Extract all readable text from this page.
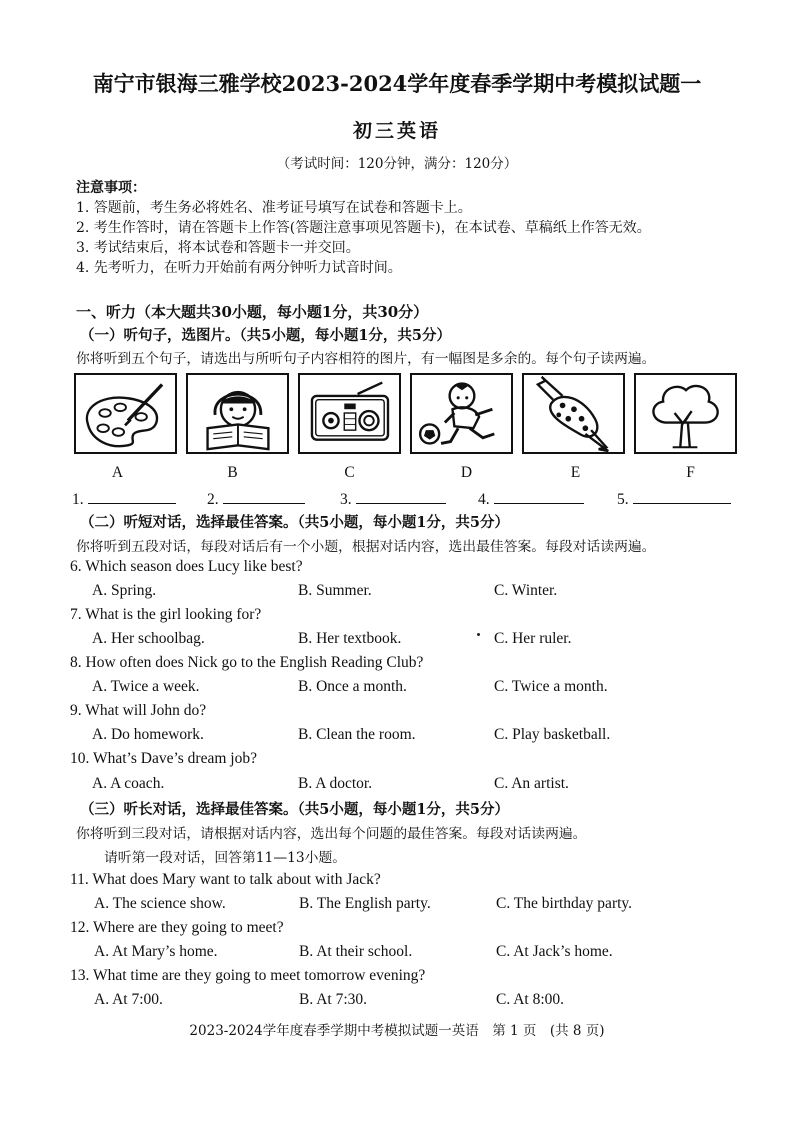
南宁市银海三雅学校2023-2024学年度春季学期中考模拟试题一
初三英语
（考试时间：120分钟，满分：120分）
注意事项：
1. 答题前，考生务必将姓名、准考证号填写在试卷和答题卡上。
2. 考生作答时，请在答题卡上作答(答题注意事项见答题卡)，在本试卷、草稿纸上作答无效。
3. 考试结束后，将本试卷和答题卡一并交回。
4. 先考听力，在听力开始前有两分钟听力试音时间。
一、听力（本大题共30小题，每小题1分，共30分）
（一）听句子，选图片。（共5小题，每小题1分，共5分）
你将听到五个句子，请选出与所听句子内容相符的图片，有一幅图是多余的。每个句子读两遍。
A	B	C	D	E	F
1.	2.	3.	4.	5.
（二）听短对话，选择最佳答案。（共5小题，每小题1分，共5分）
你将听到五段对话，每段对话后有一个小题，根据对话内容，选出最佳答案。每段对话读两遍。
6. Which season does Lucy like best?
A. Spring.	B. Summer.	C. Winter.
7. What is the girl looking for?
A. Her schoolbag.	B. Her textbook.	C. Her ruler.
8. How often does Nick go to the English Reading Club?
A. Twice a week.	B. Once a month.	C. Twice a month.
9. What will John do?
A. Do homework.	B. Clean the room.	C. Play basketball.
10. What’s Dave’s dream job?
A. A coach.	B. A doctor.	C. An artist.
（三）听长对话，选择最佳答案。（共5小题，每小题1分，共5分）
你将听到三段对话，请根据对话内容，选出每个问题的最佳答案。每段对话读两遍。
请听第一段对话，回答第11—13小题。
11. What does Mary want to talk about with Jack?
A. The science show.	B. The English party.	C. The birthday party.
12. Where are they going to meet?
A. At Mary’s home.	B. At their school.	C. At Jack’s home.
13. What time are they going to meet tomorrow evening?
A. At 7:00.	B. At 7:30.	C. At 8:00.
2023-2024学年度春季学期中考模拟试题一英语　第 1 页　(共 8 页)
